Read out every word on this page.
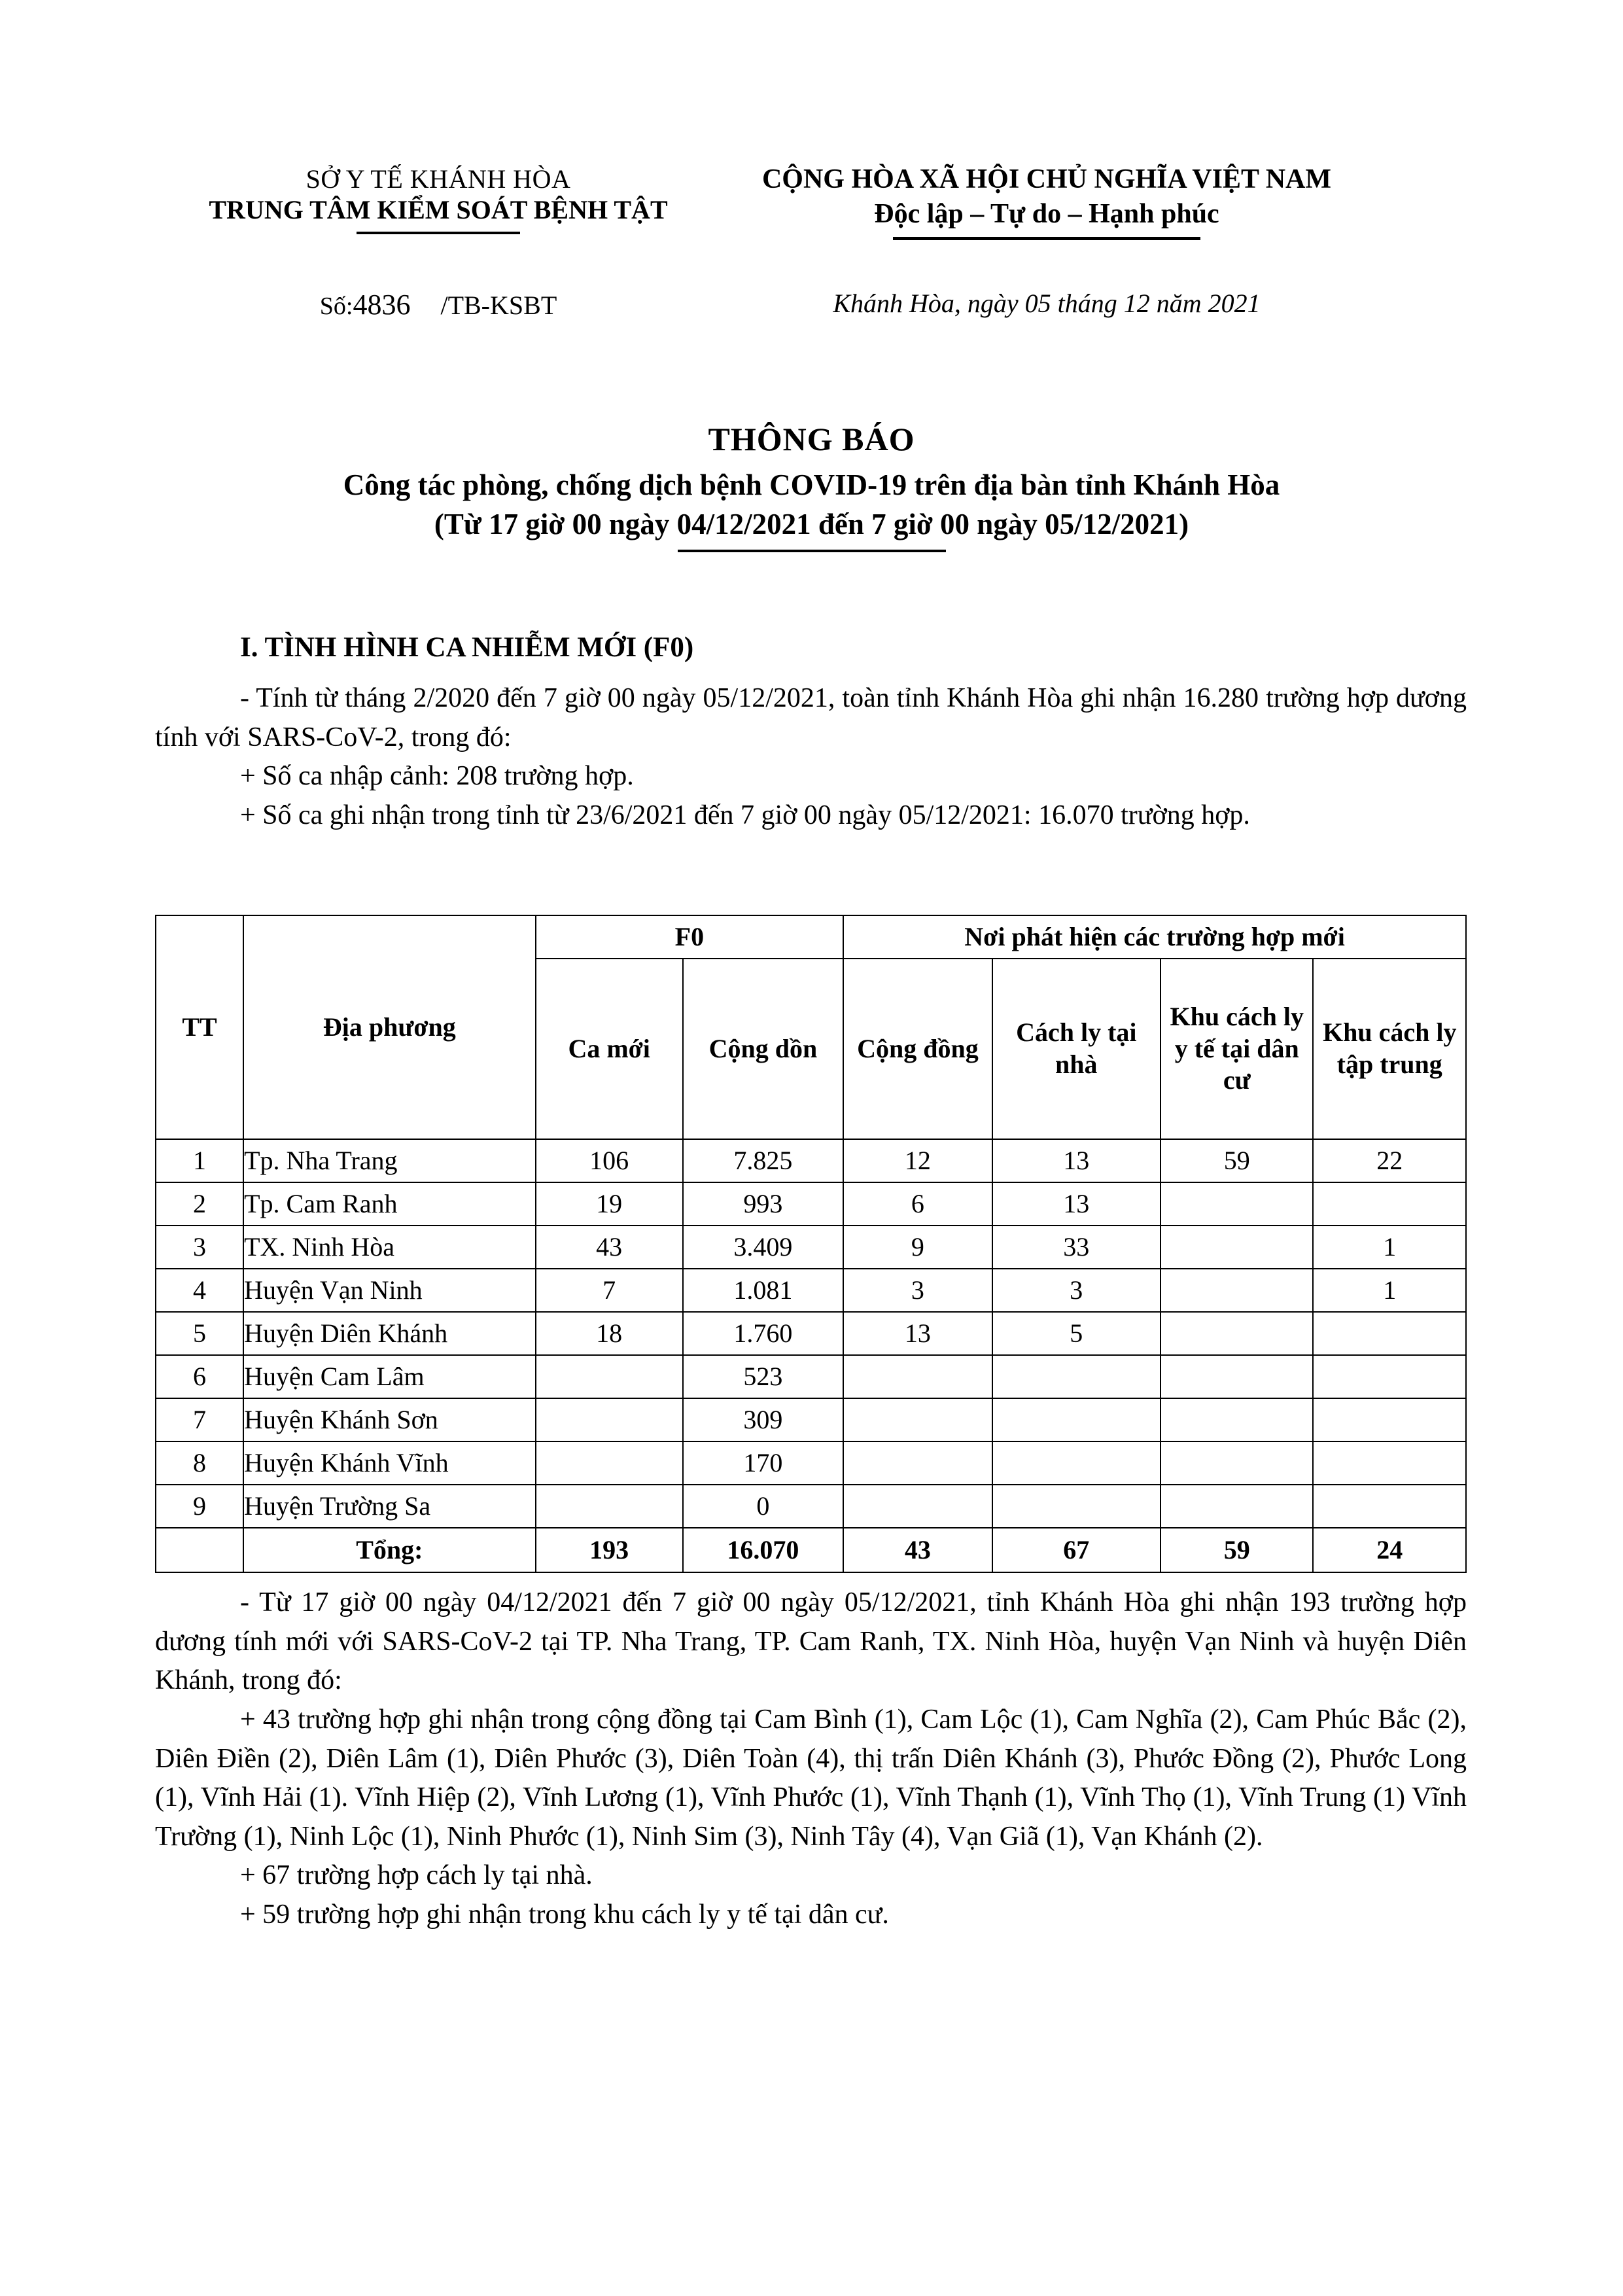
SỞ Y TẾ KHÁNH HÒA
TRUNG TÂM KIỂM SOÁT BỆNH TẬT
CỘNG HÒA XÃ HỘI CHỦ NGHĨA VIỆT NAM
Độc lập – Tự do – Hạnh phúc
Số:4836 /TB-KSBT	Khánh Hòa, ngày 05 tháng 12 năm 2021
THÔNG BÁO
Công tác phòng, chống dịch bệnh COVID-19 trên địa bàn tỉnh Khánh Hòa
(Từ 17 giờ 00 ngày 04/12/2021 đến 7 giờ 00 ngày 05/12/2021)
I. TÌNH HÌNH CA NHIỄM MỚI (F0)

- Tính từ tháng 2/2020 đến 7 giờ 00 ngày 05/12/2021, toàn tỉnh Khánh Hòa ghi nhận 16.280 trường hợp dương tính với SARS-CoV-2, trong đó:

+ Số ca nhập cảnh: 208 trường hợp.

+ Số ca ghi nhận trong tỉnh từ 23/6/2021 đến 7 giờ 00 ngày 05/12/2021: 16.070 trường hợp.

TT	Địa phương	F0		Nơi phát hiện các trường hợp mới			
		Ca mới	Cộng dồn	Cộng đồng	Cách ly tại nhà	Khu cách ly y tế tại dân cư	Khu cách ly tập trung
1	Tp. Nha Trang	106	7.825	12	13	59	22
2	Tp. Cam Ranh	19	993	6	13		
3	TX. Ninh Hòa	43	3.409	9	33		1
4	Huyện Vạn Ninh	7	1.081	3	3		1
5	Huyện Diên Khánh	18	1.760	13	5		
6	Huyện Cam Lâm		523				
7	Huyện Khánh Sơn		309				
8	Huyện Khánh Vĩnh		170				
9	Huyện Trường Sa		0				
	Tổng:	193	16.070	43	67	59	24

- Từ 17 giờ 00 ngày 04/12/2021 đến 7 giờ 00 ngày 05/12/2021, tỉnh Khánh Hòa ghi nhận 193 trường hợp dương tính mới với SARS-CoV-2 tại TP. Nha Trang, TP. Cam Ranh, TX. Ninh Hòa, huyện Vạn Ninh và huyện Diên Khánh, trong đó:

+ 43 trường hợp ghi nhận trong cộng đồng tại Cam Bình (1), Cam Lộc (1), Cam Nghĩa (2), Cam Phúc Bắc (2), Diên Điền (2), Diên Lâm (1), Diên Phước (3), Diên Toàn (4), thị trấn Diên Khánh (3), Phước Đồng (2), Phước Long (1), Vĩnh Hải (1). Vĩnh Hiệp (2), Vĩnh Lương (1), Vĩnh Phước (1), Vĩnh Thạnh (1), Vĩnh Thọ (1), Vĩnh Trung (1) Vĩnh Trường (1), Ninh Lộc (1), Ninh Phước (1), Ninh Sim (3), Ninh Tây (4), Vạn Giã (1), Vạn Khánh (2).

+ 67 trường hợp cách ly tại nhà.

+ 59 trường hợp ghi nhận trong khu cách ly y tế tại dân cư.
